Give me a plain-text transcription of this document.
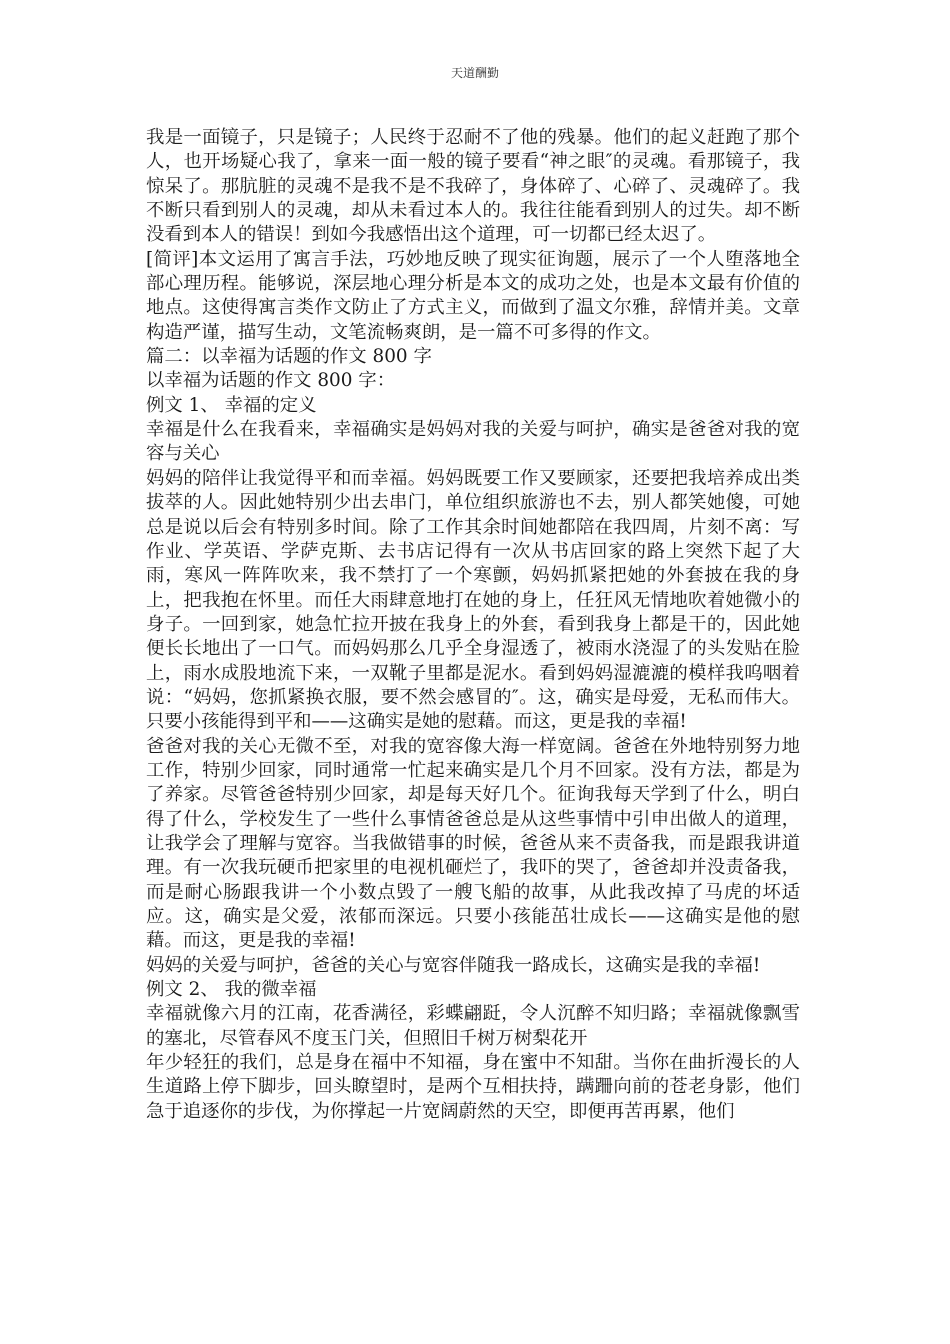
天道酬勤

我是一面镜子，只是镜子；人民终于忍耐不了他的残暴。他们的起义赶跑了那个人，也开场疑心我了，拿来一面一般的镜子要看“神之眼″的灵魂。看那镜子，我惊呆了。那肮脏的灵魂不是我不是不我碎了，身体碎了、心碎了、灵魂碎了。我不断只看到别人的灵魂，却从未看过本人的。我往往能看到别人的过失。却不断没看到本人的错误！到如今我感悟出这个道理，可一切都已经太迟了。

[简评]本文运用了寓言手法，巧妙地反映了现实征询题，展示了一个人堕落地全部心理历程。能够说，深层地心理分析是本文的成功之处，也是本文最有价值的地点。这使得寓言类作文防止了方式主义，而做到了温文尔雅，辞情并美。文章构造严谨，描写生动，文笔流畅爽朗，是一篇不可多得的作文。

篇二：以幸福为话题的作文 800 字

以幸福为话题的作文 800 字：

例文 1、 幸福的定义

幸福是什么在我看来，幸福确实是妈妈对我的关爱与呵护，确实是爸爸对我的宽容与关心

妈妈的陪伴让我觉得平和而幸福。妈妈既要工作又要顾家，还要把我培养成出类拔萃的人。因此她特别少出去串门，单位组织旅游也不去，别人都笑她傻，可她总是说以后会有特别多时间。除了工作其余时间她都陪在我四周，片刻不离：写作业、学英语、学萨克斯、去书店记得有一次从书店回家的路上突然下起了大雨，寒风一阵阵吹来，我不禁打了一个寒颤，妈妈抓紧把她的外套披在我的身上，把我抱在怀里。而任大雨肆意地打在她的身上，任狂风无情地吹着她微小的身子。一回到家，她急忙拉开披在我身上的外套，看到我身上都是干的，因此她便长长地出了一口气。而妈妈那么几乎全身湿透了，被雨水浇湿了的头发贴在脸上，雨水成股地流下来，一双靴子里都是泥水。看到妈妈湿漉漉的模样我呜咽着说：“妈妈，您抓紧换衣服，要不然会感冒的″。这，确实是母爱，无私而伟大。只要小孩能得到平和——这确实是她的慰藉。而这，更是我的幸福!

爸爸对我的关心无微不至，对我的宽容像大海一样宽阔。爸爸在外地特别努力地工作，特别少回家，同时通常一忙起来确实是几个月不回家。没有方法，都是为了养家。尽管爸爸特别少回家，却是每天好几个。征询我每天学到了什么，明白得了什么，学校发生了一些什么事情爸爸总是从这些事情中引申出做人的道理，让我学会了理解与宽容。当我做错事的时候，爸爸从来不责备我，而是跟我讲道理。有一次我玩硬币把家里的电视机砸烂了，我吓的哭了，爸爸却并没责备我，而是耐心肠跟我讲一个小数点毁了一艘飞船的故事，从此我改掉了马虎的坏适应。这，确实是父爱，浓郁而深远。只要小孩能茁壮成长——这确实是他的慰藉。而这，更是我的幸福!

妈妈的关爱与呵护，爸爸的关心与宽容伴随我一路成长，这确实是我的幸福!

例文 2、 我的微幸福

幸福就像六月的江南，花香满径，彩蝶翩跹，令人沉醉不知归路；幸福就像飘雪的塞北，尽管春风不度玉门关，但照旧千树万树梨花开

年少轻狂的我们，总是身在福中不知福，身在蜜中不知甜。当你在曲折漫长的人生道路上停下脚步，回头瞭望时，是两个互相扶持，蹒跚向前的苍老身影，他们急于追逐你的步伐，为你撑起一片宽阔蔚然的天空，即便再苦再累，他们
